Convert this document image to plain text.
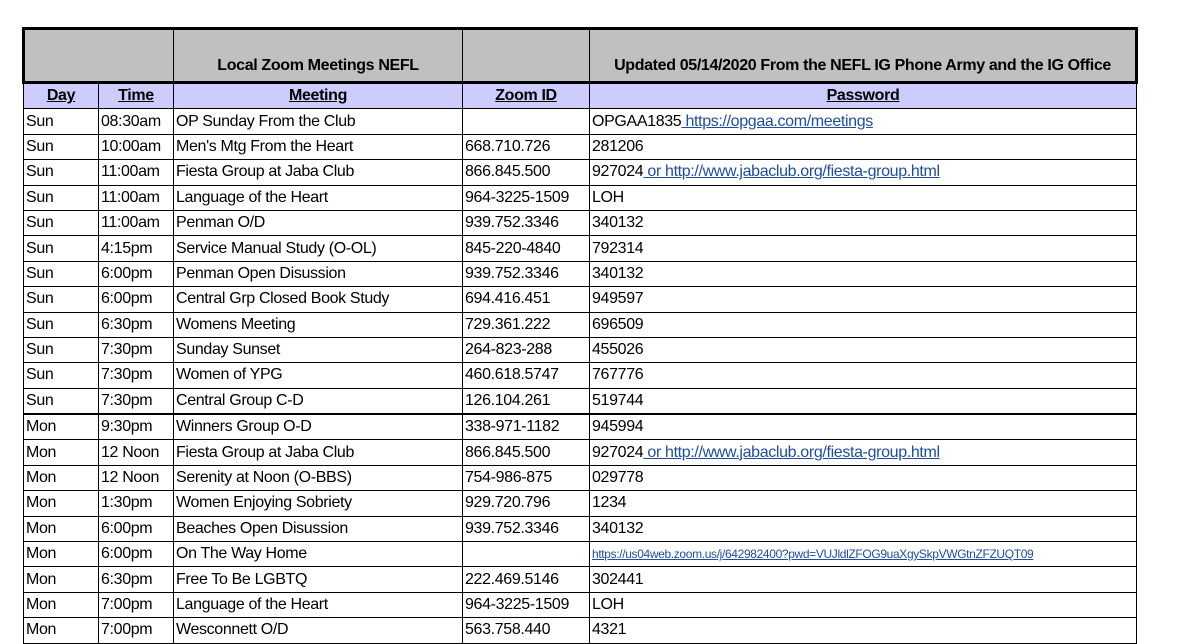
		Local Zoom Meetings NEFL		Updated 05/14/2020 From the NEFL IG Phone Army and the IG Office
Day	Time	Meeting	Zoom ID	Password
Sun	08:30am	OP Sunday From the Club		OPGAA1835 https://opgaa.com/meetings
Sun	10:00am	Men's Mtg From the Heart	668.710.726	281206
Sun	11:00am	Fiesta Group at Jaba Club	866.845.500	927024 or http://www.jabaclub.org/fiesta-group.html
Sun	11:00am	Language of the Heart	964-3225-1509	LOH
Sun	11:00am	Penman O/D	939.752.3346	340132
Sun	4:15pm	Service Manual Study (O-OL)	845-220-4840	792314
Sun	6:00pm	Penman Open Disussion	939.752.3346	340132
Sun	6:00pm	Central Grp Closed Book Study	694.416.451	949597
Sun	6:30pm	Womens Meeting	729.361.222	696509
Sun	7:30pm	Sunday Sunset	264-823-288	455026
Sun	7:30pm	Women of YPG	460.618.5747	767776
Sun	7:30pm	Central Group C-D	126.104.261	519744
Mon	9:30pm	Winners Group O-D	338-971-1182	945994
Mon	12 Noon	Fiesta Group at Jaba Club	866.845.500	927024 or http://www.jabaclub.org/fiesta-group.html
Mon	12 Noon	Serenity at Noon (O-BBS)	754-986-875	029778
Mon	1:30pm	Women Enjoying Sobriety	929.720.796	1234
Mon	6:00pm	Beaches Open Disussion	939.752.3346	340132
Mon	6:00pm	On The Way Home		https://us04web.zoom.us/j/642982400?pwd=VUJldlZFOG9uaXgySkpVWGtnZFZUQT09
Mon	6:30pm	Free To Be LGBTQ	222.469.5146	302441
Mon	7:00pm	Language of the Heart	964-3225-1509	LOH
Mon	7:00pm	Wesconnett O/D	563.758.440	4321
